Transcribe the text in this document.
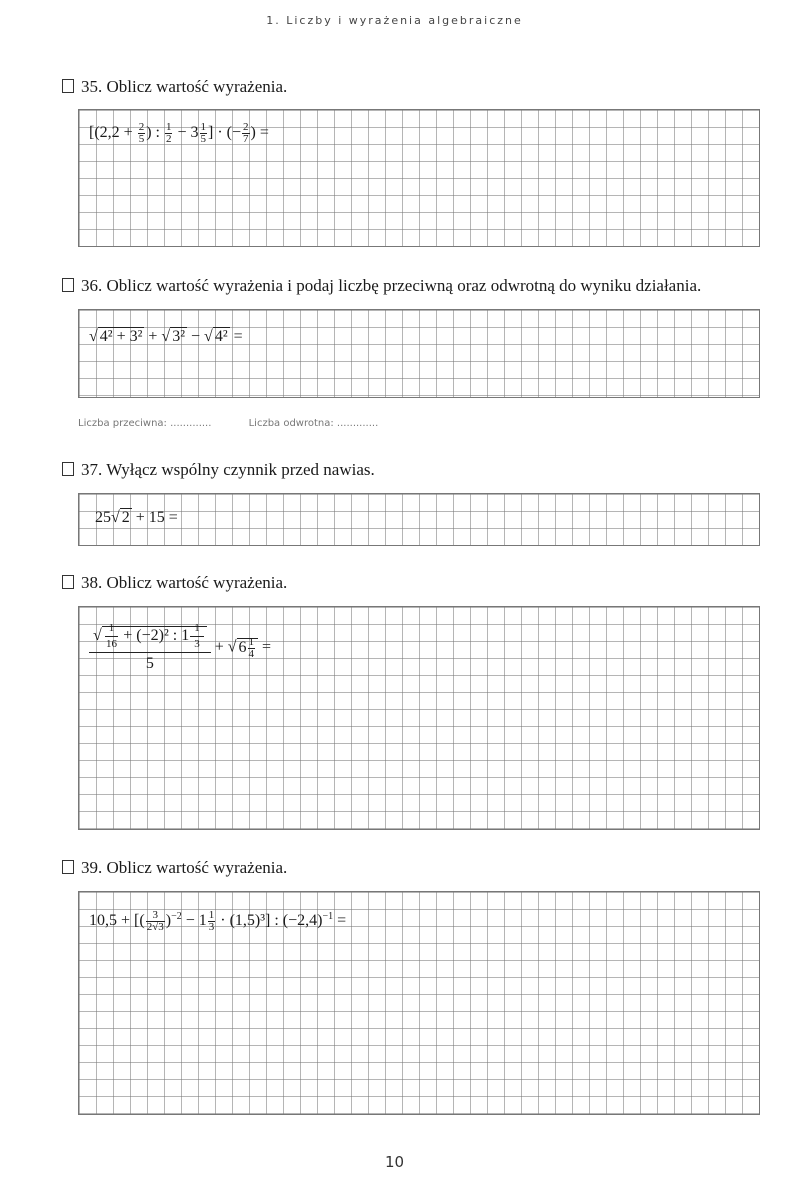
1. Liczby i wyrażenia algebraiczne
35. Oblicz wartość wyrażenia.
[($2,2 + \frac{2}{5}$ ) : $\frac{1}{2} - 3 \frac{1}{5}$ ] · (− $\frac{2}{7}$ ) =
36. Oblicz wartość wyrażenia i podaj liczbę przeciwną oraz odwrotną do wyniku działania.
√ 4² + 3² + √ 3² − √ 4² =
Liczba przeciwna: .............	Liczba odwrotna: .............
37. Wyłącz wspólny czynnik przed nawias.
25√ 2 + 15 =
38. Oblicz wartość wyrażenia.
$\frac{√ \frac{1}{16} + (-2)^2 : 1 \frac{1}{3}}{5}$ + √ $6 \frac{1}{4}$ =
39. Oblicz wartość wyrażenia.
10,5 + [( $\frac{3}{2√3} )^{-2} - 1 \frac{1}{3} \cdot (1,5)^3$] : $(-2,4)^{-1}$ =
10
